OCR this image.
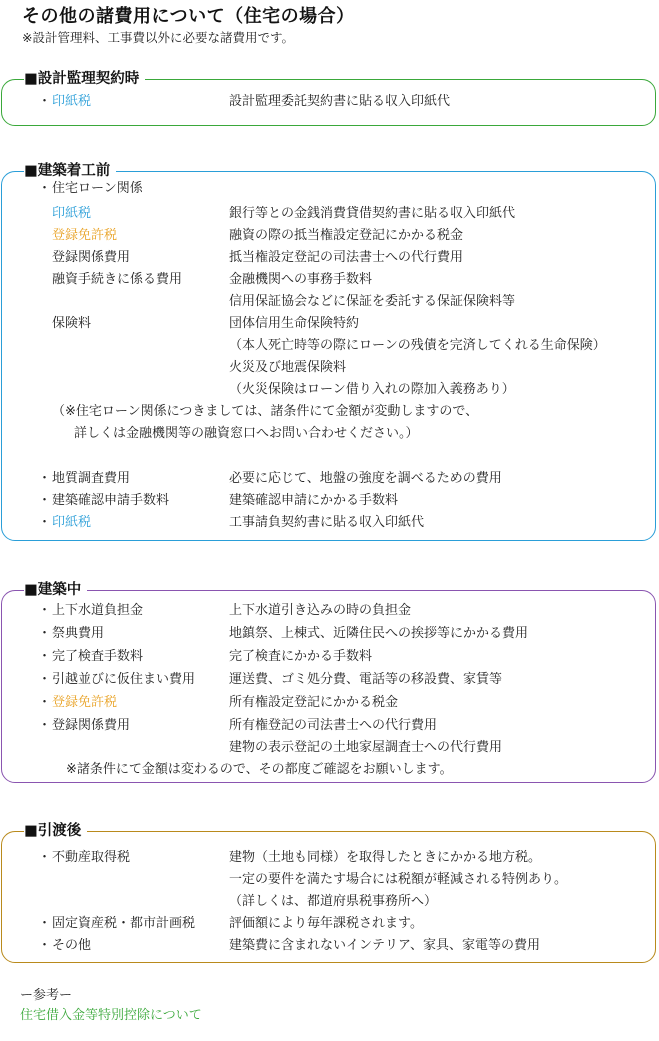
その他の諸費用について（住宅の場合）
※設計管理料、工事費以外に必要な諸費用です。
■設計監理契約時
・ 印紙税	設計監理委託契約書に貼る収入印紙代
■建築着工前
・ 住宅ローン関係
印紙税	銀行等との金銭消費貸借契約書に貼る収入印紙代
登録免許税	融資の際の抵当権設定登記にかかる税金
登録関係費用	抵当権設定登記の司法書士への代行費用
融資手続きに係る費用	金融機関への事務手数料
信用保証協会などに保証を委託する保証保険料等
保険料	団体信用生命保険特約
（本人死亡時等の際にローンの残債を完済してくれる生命保険）
火災及び地震保険料
（火災保険はローン借り入れの際加入義務あり）
（※住宅ローン関係につきましては、諸条件にて金額が変動しますので、
詳しくは金融機関等の融資窓口へお問い合わせください。）
・ 地質調査費用	必要に応じて、地盤の強度を調べるための費用
・ 建築確認申請手数料	建築確認申請にかかる手数料
・ 印紙税	工事請負契約書に貼る収入印紙代
■建築中
・ 上下水道負担金	上下水道引き込みの時の負担金
・ 祭典費用	地鎮祭、上棟式、近隣住民への挨拶等にかかる費用
・ 完了検査手数料	完了検査にかかる手数料
・ 引越並びに仮住まい費用	運送費、ゴミ処分費、電話等の移設費、家賃等
・ 登録免許税	所有権設定登記にかかる税金
・ 登録関係費用	所有権登記の司法書士への代行費用
建物の表示登記の土地家屋調査士への代行費用
※諸条件にて金額は変わるので、その都度ご確認をお願いします。
■引渡後
・ 不動産取得税	建物（土地も同様）を取得したときにかかる地方税。
一定の要件を満たす場合には税額が軽減される特例あり。
（詳しくは、都道府県税事務所へ）
・ 固定資産税・都市計画税	評価額により毎年課税されます。
・ その他	建築費に含まれないインテリア、家具、家電等の費用
ー参考ー
住宅借入金等特別控除について
